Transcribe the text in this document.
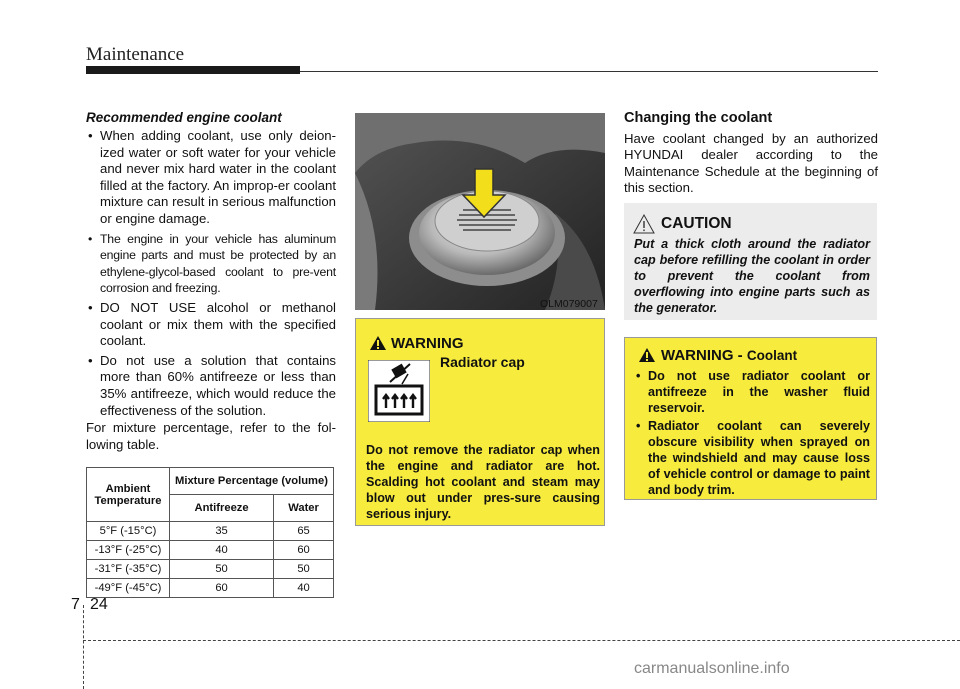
Maintenance
Recommended engine coolant
• When adding coolant, use only deion-ized water or soft water for your vehicle and never mix hard water in the coolant filled at the factory. An improp-er coolant mixture can result in serious malfunction or engine damage.
• The engine in your vehicle has aluminum engine parts and must be protected by an ethylene-glycol-based coolant to pre-vent corrosion and freezing.
• DO NOT USE alcohol or methanol coolant or mix them with the specified coolant.
• Do not use a solution that contains more than 60% antifreeze or less than 35% antifreeze, which would reduce the effectiveness of the solution.
For mixture percentage, refer to the fol-lowing table.
Ambient Temperature	Mixture Percentage (volume)	
	Antifreeze	Water
5°F (-15°C)	35	65
-13°F (-25°C)	40	60
-31°F (-35°C)	50	50
-49°F (-45°C)	60	40
OLM079007
WARNING
Radiator cap
Do not remove the radiator cap when the engine and radiator are hot. Scalding hot coolant and steam may blow out under pres-sure causing serious injury.
Changing the coolant
Have coolant changed by an authorized HYUNDAI dealer according to the Maintenance Schedule at the beginning of this section.
CAUTION
Put a thick cloth around the radiator cap before refilling the coolant in order to prevent the coolant from overflowing into engine parts such as the generator.
WARNING - Coolant
• Do not use radiator coolant or antifreeze in the washer fluid reservoir.
• Radiator coolant can severely obscure visibility when sprayed on the windshield and may cause loss of vehicle control or damage to paint and body trim.
7 24
carmanualsonline.info
